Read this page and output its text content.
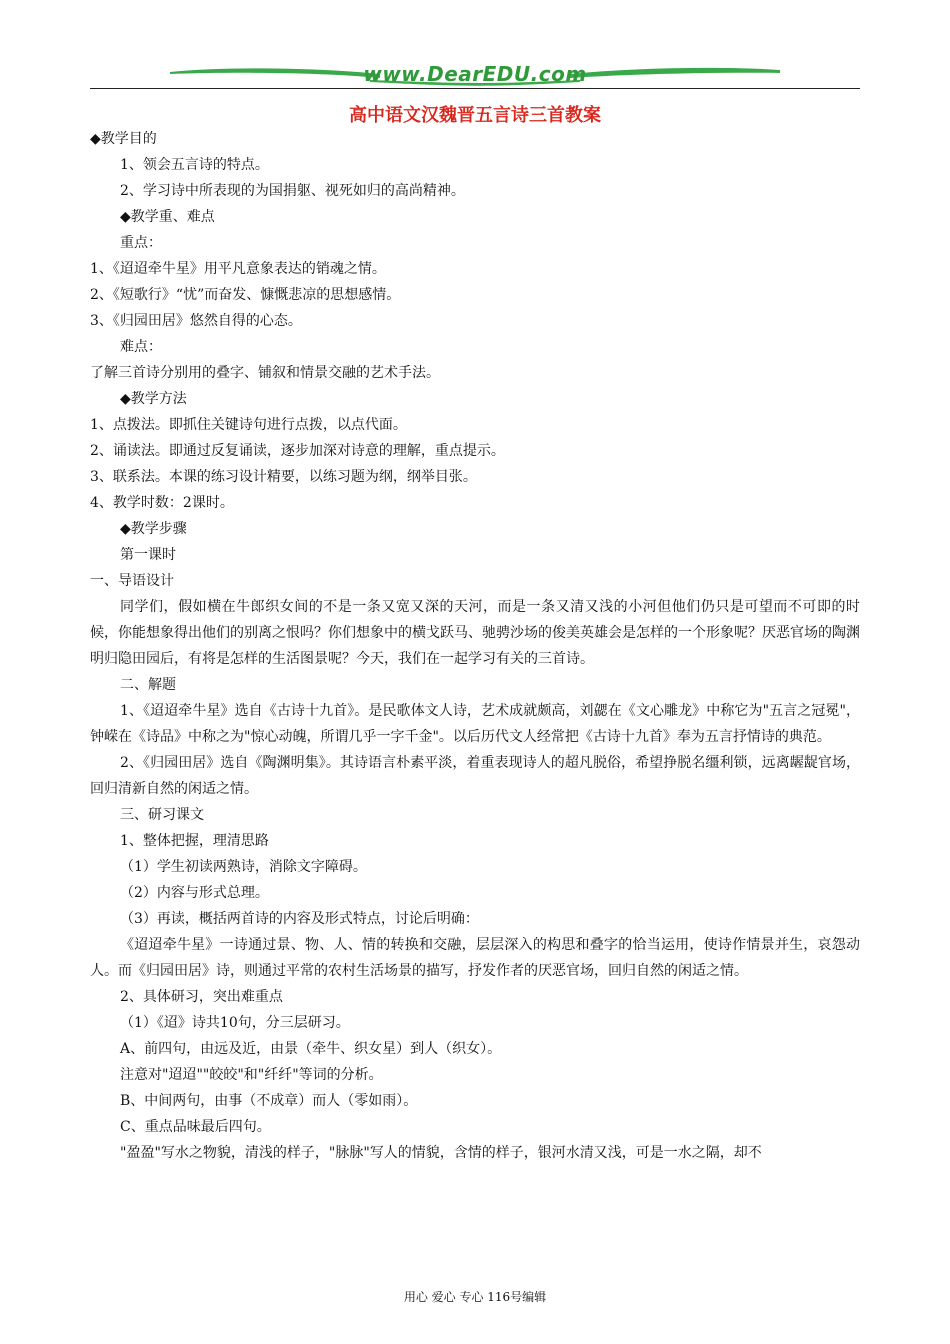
www.DearEDU.com
高中语文汉魏晋五言诗三首教案

◆教学目的

1、领会五言诗的特点。

2、学习诗中所表现的为国捐躯、视死如归的高尚精神。

◆教学重、难点

重点：

1、《迢迢牵牛星》用平凡意象表达的销魂之情。

2、《短歌行》“忧”而奋发、慷慨悲凉的思想感情。

3、《归园田居》悠然自得的心态。

难点：

了解三首诗分别用的叠字、铺叙和情景交融的艺术手法。

◆教学方法

1、点拨法。即抓住关键诗句进行点拨，以点代面。

2、诵读法。即通过反复诵读，逐步加深对诗意的理解，重点提示。

3、联系法。本课的练习设计精要，以练习题为纲，纲举目张。

4、教学时数：2课时。

◆教学步骤

第一课时

一、导语设计

同学们，假如横在牛郎织女间的不是一条又宽又深的天河，而是一条又清又浅的小河但他们仍只是可望而不可即的时候，你能想象得出他们的别离之恨吗？你们想象中的横戈跃马、驰骋沙场的俊美英雄会是怎样的一个形象呢？厌恶官场的陶渊明归隐田园后，有将是怎样的生活图景呢？今天，我们在一起学习有关的三首诗。

二、解题

1、《迢迢牵牛星》选自《古诗十九首》。是民歌体文人诗，艺术成就颇高，刘勰在《文心雕龙》中称它为"五言之冠冕"，钟嵘在《诗品》中称之为"惊心动魄，所谓几乎一字千金"。以后历代文人经常把《古诗十九首》奉为五言抒情诗的典范。

2、《归园田居》选自《陶渊明集》。其诗语言朴素平淡，着重表现诗人的超凡脱俗，希望挣脱名缰利锁，远离龌龊官场，回归清新自然的闲适之情。

三、研习课文

1、整体把握，理清思路

（1）学生初读两熟诗，消除文字障碍。

（2）内容与形式总理。

（3）再读，概括两首诗的内容及形式特点，讨论后明确：

《迢迢牵牛星》一诗通过景、物、人、情的转换和交融，层层深入的构思和叠字的恰当运用，使诗作情景并生，哀怨动人。而《归园田居》诗，则通过平常的农村生活场景的描写，抒发作者的厌恶官场，回归自然的闲适之情。

2、具体研习，突出难重点

（1）《迢》诗共10句，分三层研习。

A、前四句，由远及近，由景（牵牛、织女星）到人（织女）。

注意对"迢迢""皎皎"和"纤纤"等词的分析。

B、中间两句，由事（不成章）而人（零如雨）。

C、重点品味最后四句。

"盈盈"写水之物貌，清浅的样子，"脉脉"写人的情貌，含情的样子，银河水清又浅，可是一水之隔，却不

用心 爱心 专心 116号编辑
